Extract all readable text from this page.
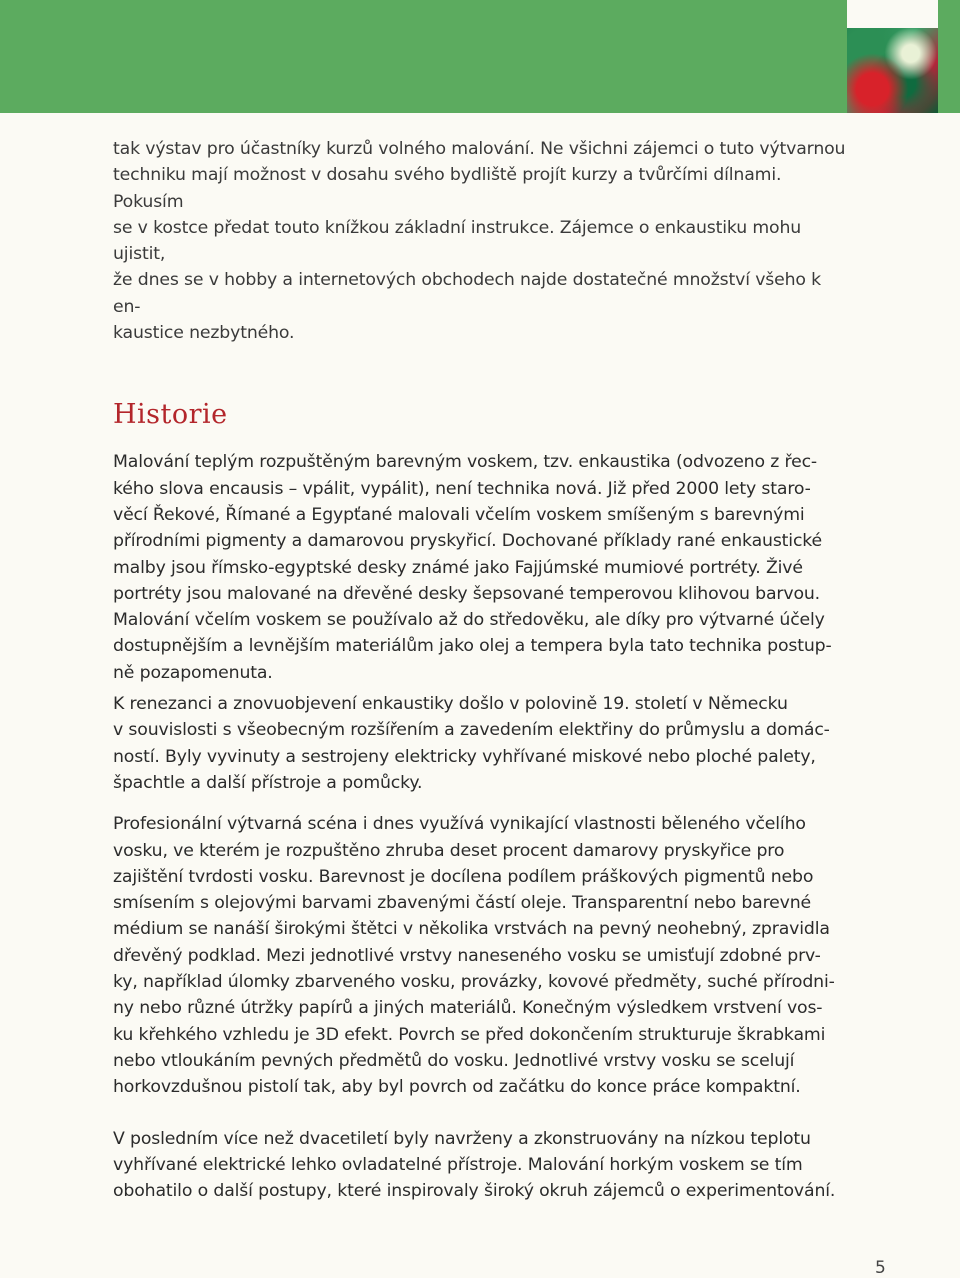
tak výstav pro účastníky kurzů volného malování. Ne všichni zájemci o tuto výtvarnou
techniku mají možnost v dosahu svého bydliště projít kurzy a tvůrčími dílnami. Pokusím
se v kostce předat touto knížkou základní instrukce. Zájemce o enkaustiku mohu ujistit,
že dnes se v hobby a internetových obchodech najde dostatečné množství všeho k en-
kaustice nezbytného.

Historie

Malování teplým rozpuštěným barevným voskem, tzv. enkaustika (odvozeno z řec-
kého slova encausis – vpálit, vypálit), není technika nová. Již před 2000 lety staro-
věcí Řekové, Římané a Egypťané malovali včelím voskem smíšeným s barevnými
přírodními pigmenty a damarovou pryskyřicí. Dochované příklady rané enkaustické
malby jsou římsko-egyptské desky známé jako Fajjúmské mumiové portréty. Živé
portréty jsou malované na dřevěné desky šepsované temperovou klihovou barvou.
Malování včelím voskem se používalo až do středověku, ale díky pro výtvarné účely
dostupnějším a levnějším materiálům jako olej a tempera byla tato technika postup-
ně pozapomenuta.

K renezanci a znovuobjevení enkaustiky došlo v polovině 19. století v Německu
v souvislosti s všeobecným rozšířením a zavedením elektřiny do průmyslu a domác-
ností. Byly vyvinuty a sestrojeny elektricky vyhřívané miskové nebo ploché palety,
špachtle a další přístroje a pomůcky.

Profesionální výtvarná scéna i dnes využívá vynikající vlastnosti běleného včelího
vosku, ve kterém je rozpuštěno zhruba deset procent damarovy pryskyřice pro
zajištění tvrdosti vosku. Barevnost je docílena podílem práškových pigmentů nebo
smísením s olejovými barvami zbavenými částí oleje. Transparentní nebo barevné
médium se nanáší širokými štětci v několika vrstvách na pevný neohebný, zpravidla
dřevěný podklad. Mezi jednotlivé vrstvy naneseného vosku se umisťují zdobné prv-
ky, například úlomky zbarveného vosku, provázky, kovové předměty, suché přírodni-
ny nebo různé útržky papírů a jiných materiálů. Konečným výsledkem vrstvení vos-
ku křehkého vzhledu je 3D efekt. Povrch se před dokončením strukturuje škrabkami
nebo vtloukáním pevných předmětů do vosku. Jednotlivé vrstvy vosku se scelují
horkovzdušnou pistolí tak, aby byl povrch od začátku do konce práce kompaktní.

V posledním více než dvacetiletí byly navrženy a zkonstruovány na nízkou teplotu
vyhřívané elektrické lehko ovladatelné přístroje. Malování horkým voskem se tím
obohatilo o další postupy, které inspirovaly široký okruh zájemců o experimentování.

5
